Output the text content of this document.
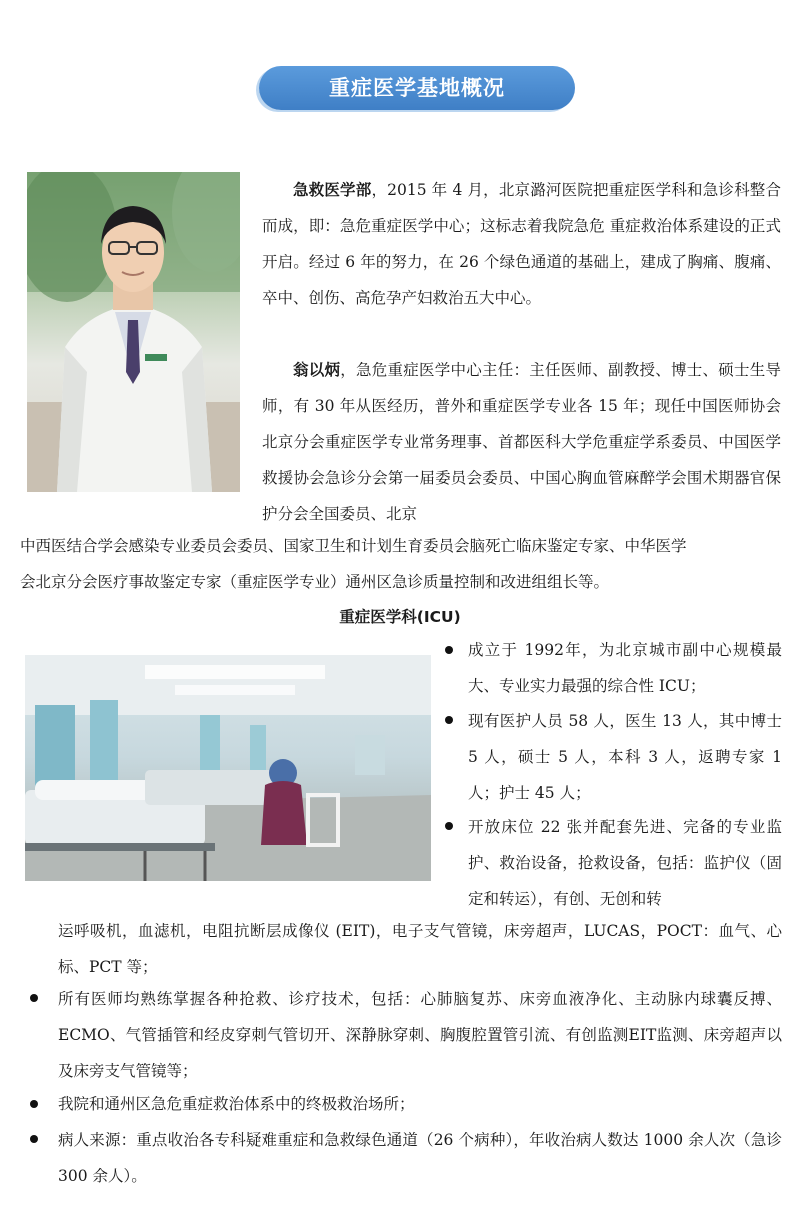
重症医学基地概况

急救医学部，2015 年 4 月，北京潞河医院把重症医学科和急诊科整合而成，即：急危重症医学中心；这标志着我院急危 重症救治体系建设的正式开启。经过 6 年的努力，在 26 个绿色通道的基础上，建成了胸痛、腹痛、卒中、创伤、高危孕产妇救治五大中心。

翁以炳，急危重症医学中心主任：主任医师、副教授、博士、硕士生导师，有 30 年从医经历，普外和重症医学专业各 15 年；现任中国医师协会北京分会重症医学专业常务理事、首都医科大学危重症学系委员、中国医学救援协会急诊分会第一届委员会委员、中国心胸血管麻醉学会围术期器官保护分会全国委员、北京

中西医结合学会感染专业委员会委员、国家卫生和计划生育委员会脑死亡临床鉴定专家、中华医学

会北京分会医疗事故鉴定专家（重症医学专业）通州区急诊质量控制和改进组组长等。

重症医学科(ICU)

成立于 1992年，为北京城市副中心规模最大、专业实力最强的综合性 ICU；

现有医护人员 58 人，医生 13 人，其中博士 5 人，硕士 5 人，本科 3 人，返聘专家 1 人；护士 45 人；

开放床位 22 张并配套先进、完备的专业监护、救治设备，抢救设备，包括：监护仪（固定和转运），有创、无创和转

运呼吸机，血滤机，电阻抗断层成像仪 (EIT)，电子支气管镜，床旁超声，LUCAS，POCT：血气、心标、PCT 等；

所有医师均熟练掌握各种抢救、诊疗技术，包括：心肺脑复苏、床旁血液净化、主动脉内球囊反搏、ECMO、气管插管和经皮穿刺气管切开、深静脉穿刺、胸腹腔置管引流、有创监测EIT监测、床旁超声以及床旁支气管镜等；

我院和通州区急危重症救治体系中的终极救治场所；

病人来源：重点收治各专科疑难重症和急救绿色通道（26 个病种），年收治病人数达 1000 余人次（急诊 300 余人）。
